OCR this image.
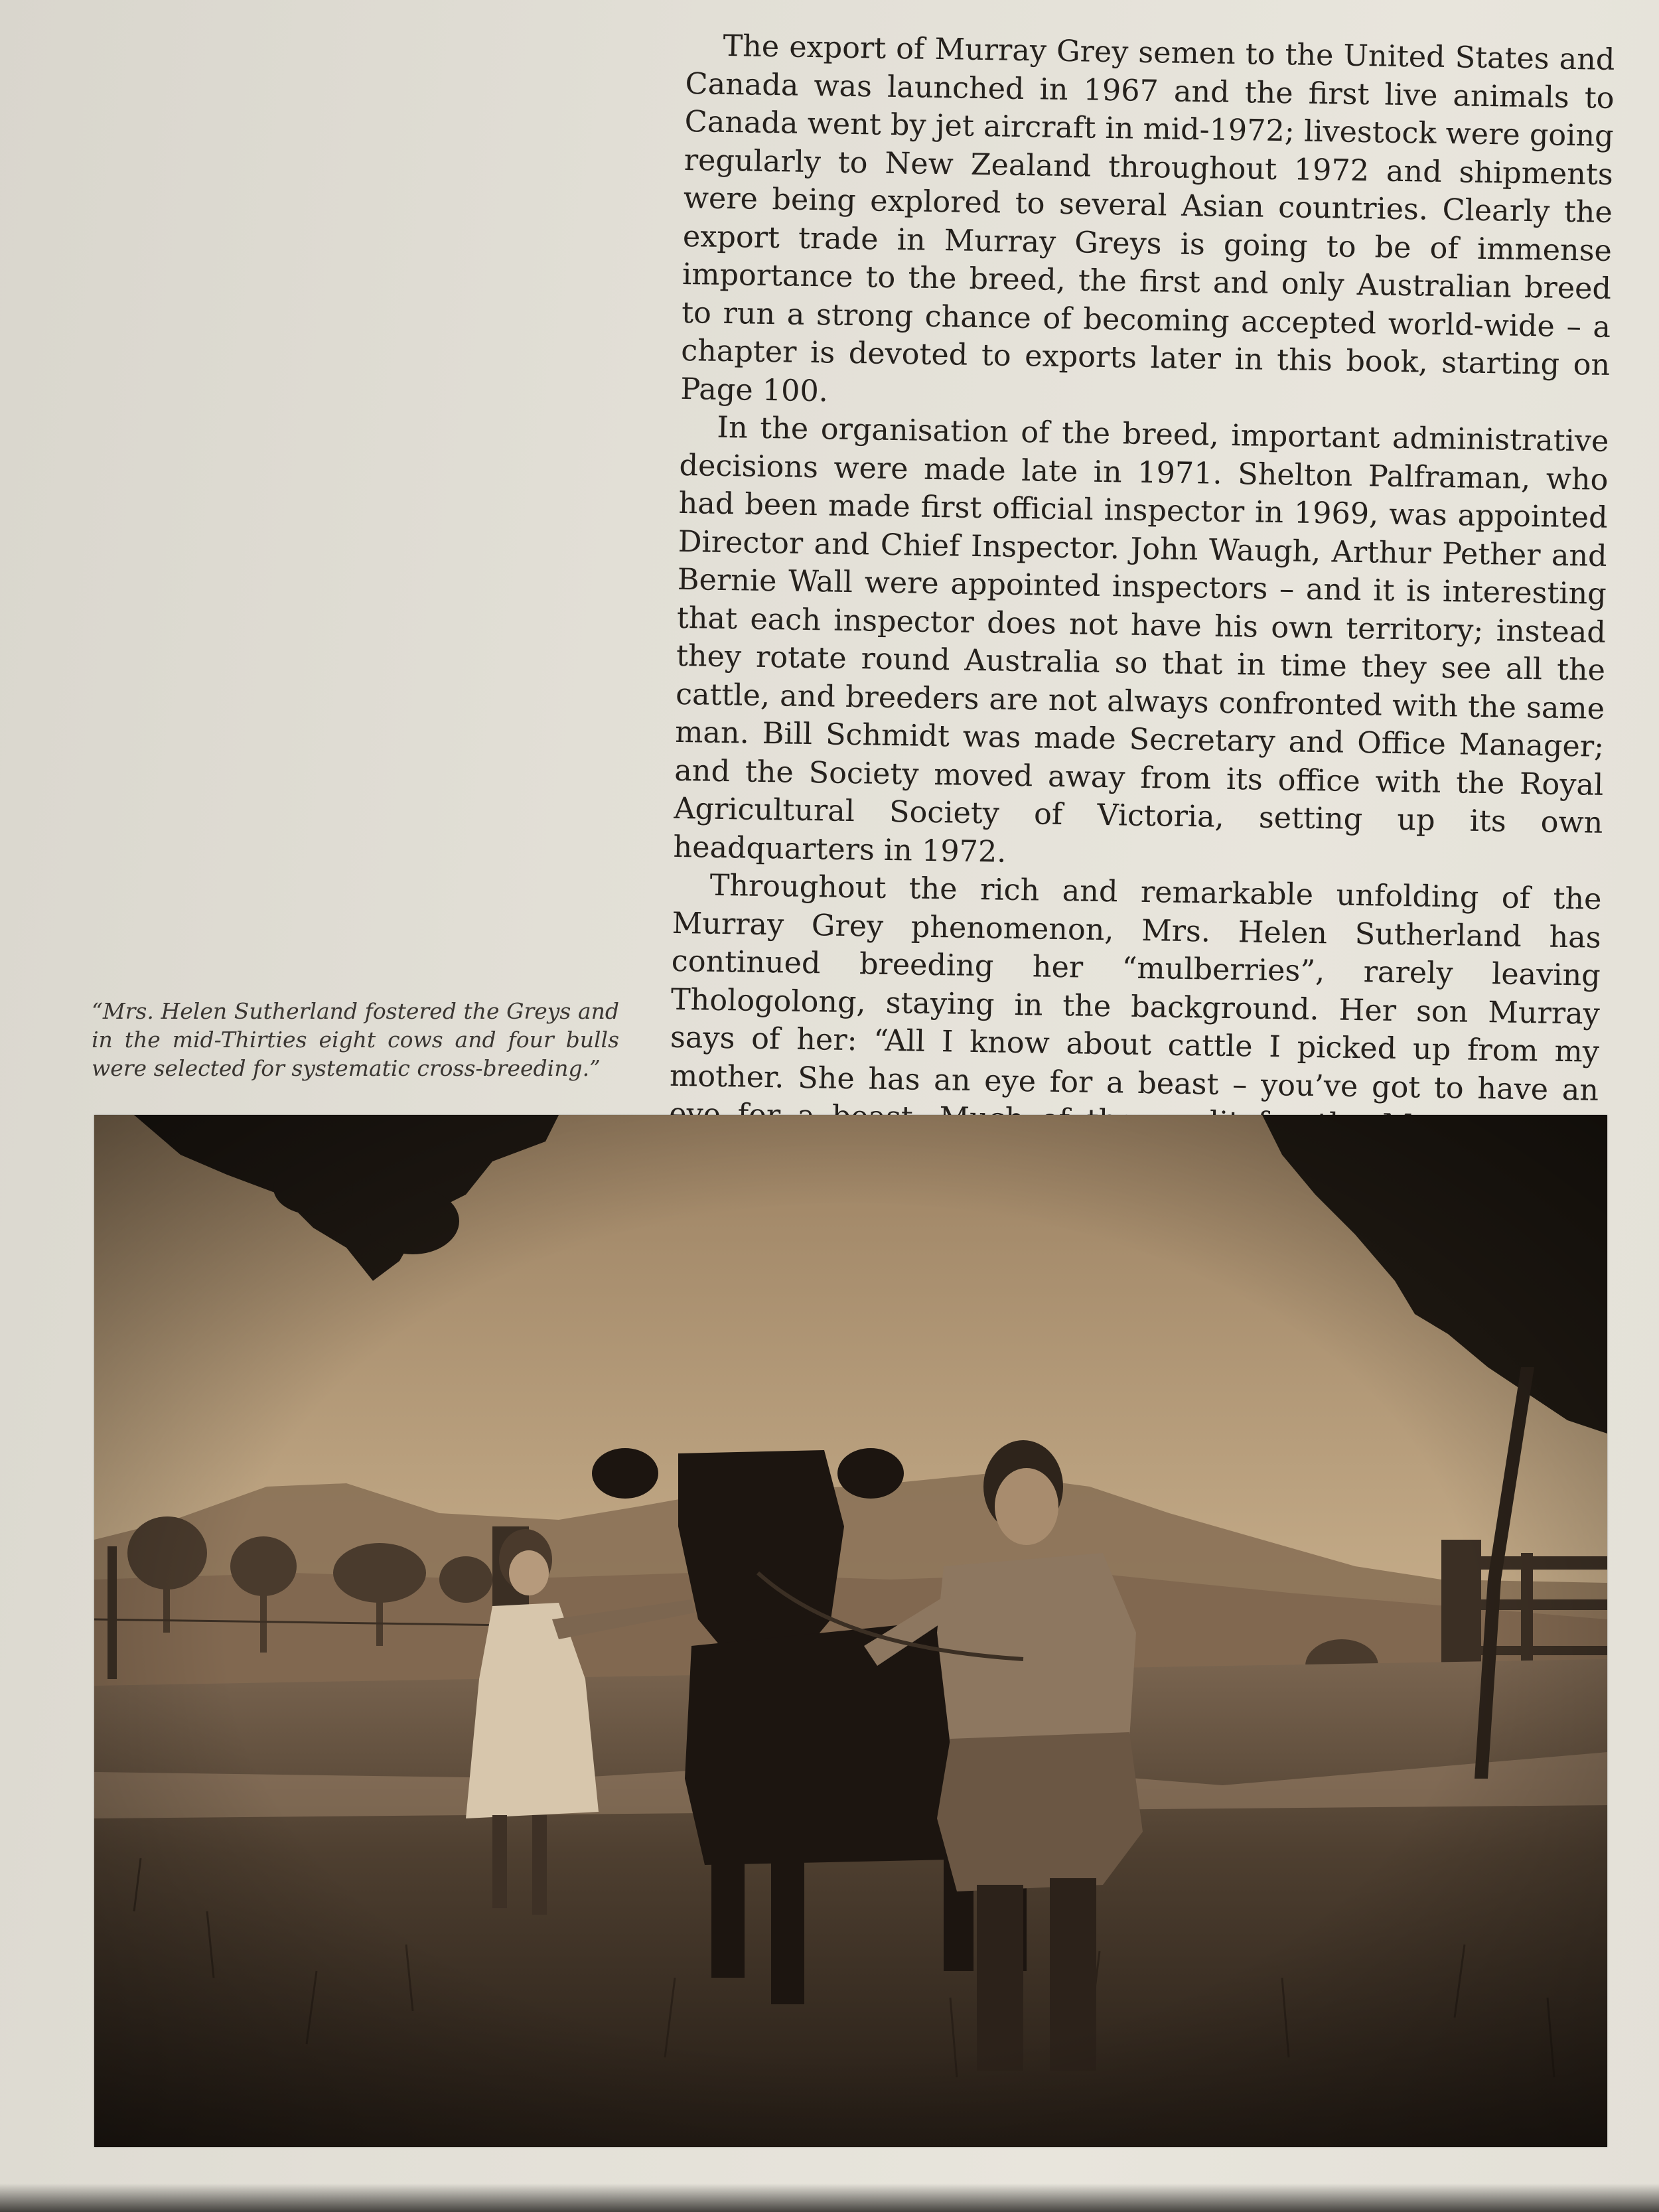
The export of Murray Grey semen to the United States and Canada was launched in 1967 and the first live animals to Canada went by jet aircraft in mid-1972; livestock were going regularly to New Zealand throughout 1972 and shipments were being explored to several Asian countries. Clearly the export trade in Murray Greys is going to be of immense importance to the breed, the first and only Australian breed to run a strong chance of becoming accepted world-wide – a chapter is devoted to exports later in this book, starting on Page 100.

In the organisation of the breed, important administrative decisions were made late in 1971. Shelton Palframan, who had been made first official inspector in 1969, was appointed Director and Chief Inspector. John Waugh, Arthur Pether and Bernie Wall were appointed inspectors – and it is interesting that each inspector does not have his own territory; instead they rotate round Australia so that in time they see all the cattle, and breeders are not always confronted with the same man. Bill Schmidt was made Secretary and Office Manager; and the Society moved away from its office with the Royal Agricultural Society of Victoria, setting up its own headquarters in 1972.

Throughout the rich and remarkable unfolding of the Murray Grey phenomenon, Mrs. Helen Sutherland has continued breeding her “mulberries”, rarely leaving Thologolong, staying in the background. Her son Murray says of her: “All I know about cattle I picked up from my mother. She has an eye for a beast – you’ve got to have an eye

“Mrs. Helen Sutherland fostered the Greys and in the mid-Thirties eight cows and four bulls were selected for systematic cross-breeding.”
